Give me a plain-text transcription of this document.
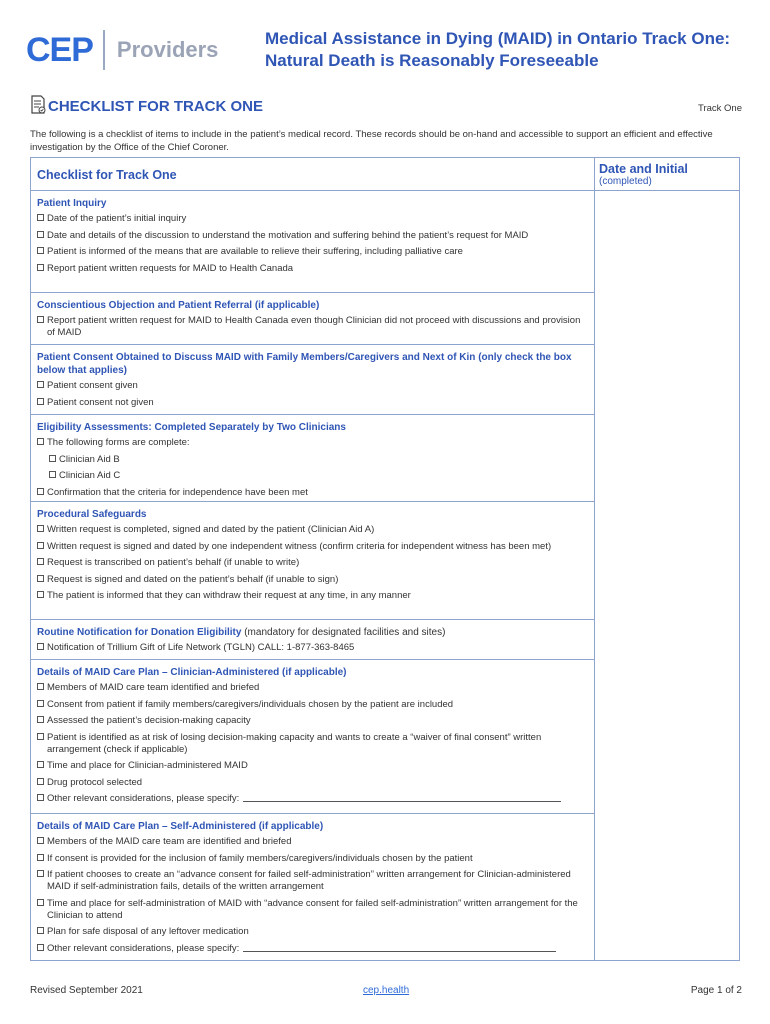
CEP Providers	Medical Assistance in Dying (MAID) in Ontario Track One: Natural Death is Reasonably Foreseeable
CHECKLIST FOR TRACK ONE	Track One
The following is a checklist of items to include in the patient’s medical record. These records should be on-hand and accessible to support an efficient and effective investigation by the Office of the Chief Coroner.
Checklist for Track One	Date and Initial
(completed)
Patient Inquiry
Date of the patient’s initial inquiry
Date and details of the discussion to understand the motivation and suffering behind the patient’s request for MAID
Patient is informed of the means that are available to relieve their suffering, including palliative care
Report patient written requests for MAID to Health Canada
Conscientious Objection and Patient Referral (if applicable)
Report patient written request for MAID to Health Canada even though Clinician did not proceed with discussions and provision of MAID
Patient Consent Obtained to Discuss MAID with Family Members/Caregivers and Next of Kin (only check the box below that applies)
Patient consent given
Patient consent not given
Eligibility Assessments: Completed Separately by Two Clinicians
The following forms are complete:
Clinician Aid B
Clinician Aid C
Confirmation that the criteria for independence have been met
Procedural Safeguards
Written request is completed, signed and dated by the patient (Clinician Aid A)
Written request is signed and dated by one independent witness (confirm criteria for independent witness has been met)
Request is transcribed on patient’s behalf (if unable to write)
Request is signed and dated on the patient’s behalf (if unable to sign)
The patient is informed that they can withdraw their request at any time, in any manner
Routine Notification for Donation Eligibility (mandatory for designated facilities and sites)
Notification of Trillium Gift of Life Network (TGLN) CALL: 1-877-363-8465
Details of MAID Care Plan – Clinician-Administered (if applicable)
Members of MAID care team identified and briefed
Consent from patient if family members/caregivers/individuals chosen by the patient are included
Assessed the patient’s decision-making capacity
Patient is identified as at risk of losing decision-making capacity and wants to create a “waiver of final consent” written arrangement (check if applicable)
Time and place for Clinician-administered MAID
Drug protocol selected
Other relevant considerations, please specify:
Details of MAID Care Plan – Self-Administered (if applicable)
Members of the MAID care team are identified and briefed
If consent is provided for the inclusion of family members/caregivers/individuals chosen by the patient
If patient chooses to create an “advance consent for failed self-administration” written arrangement for Clinician-administered MAID if self-administration fails, details of the written arrangement
Time and place for self-administration of MAID with “advance consent for failed self-administration” written arrangement for the Clinician to attend
Plan for safe disposal of any leftover medication
Other relevant considerations, please specify:
Revised September 2021	cep.health	Page 1 of 2
